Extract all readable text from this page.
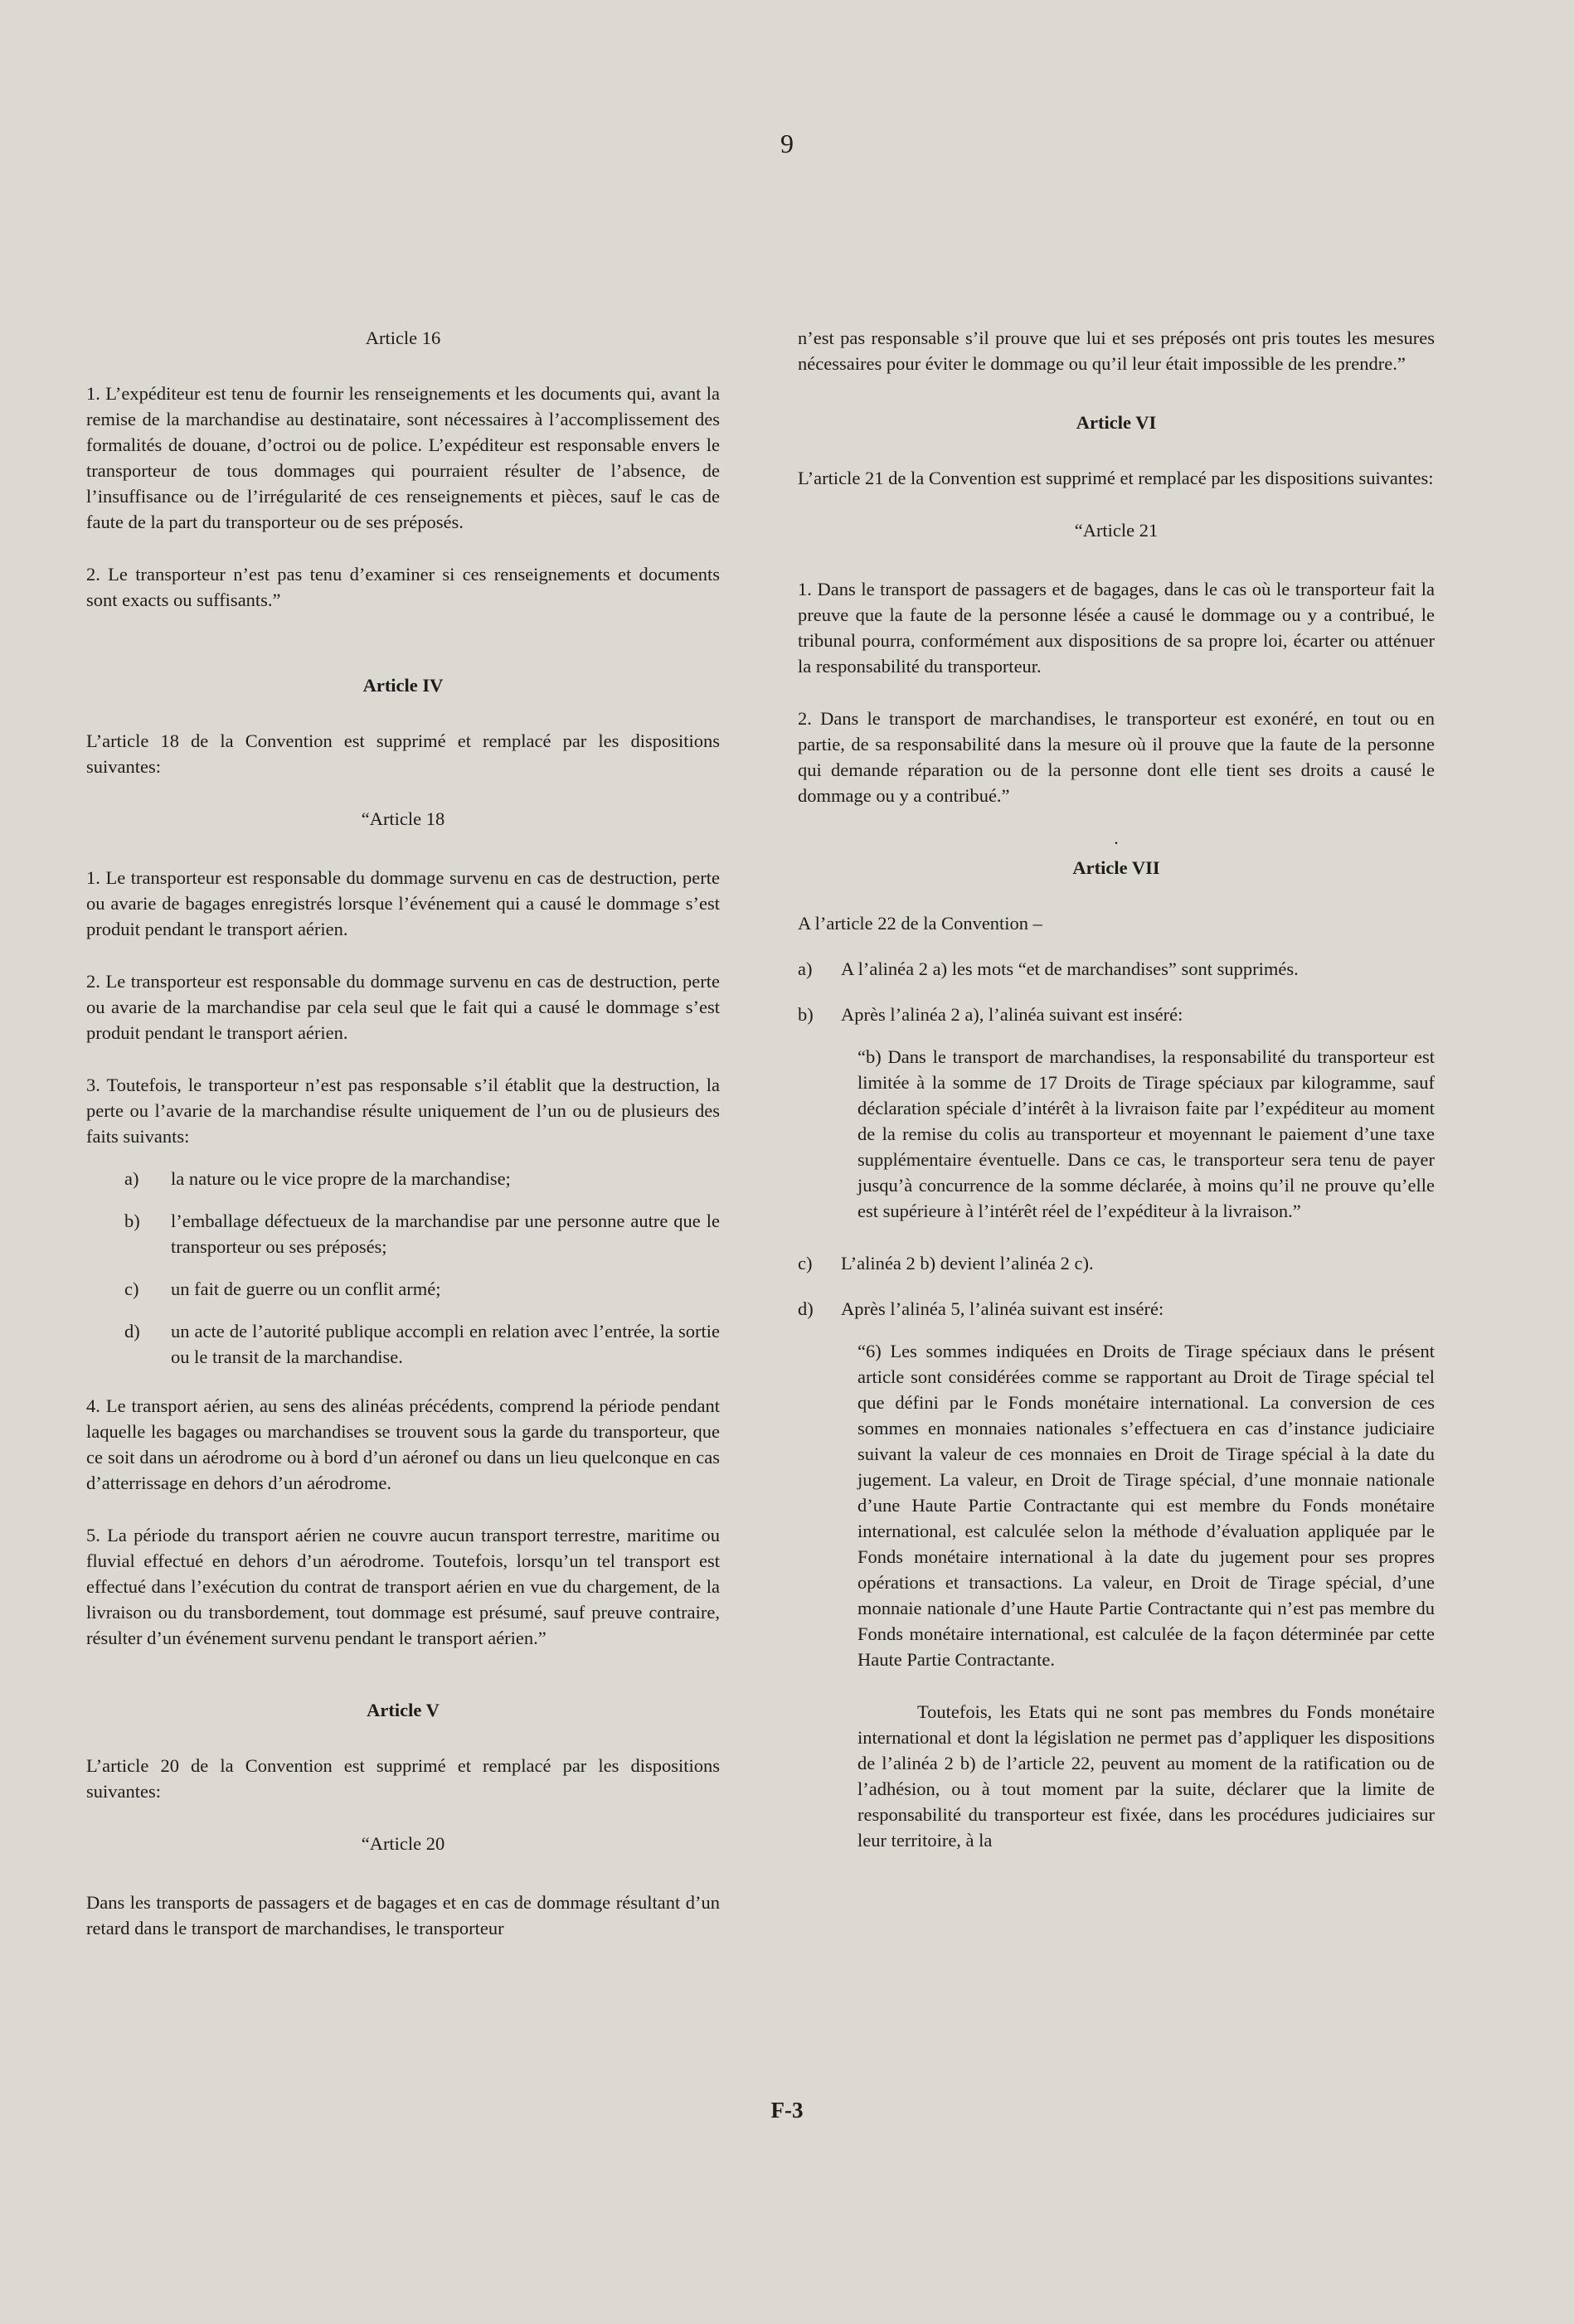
9

Article 16

1. L’expéditeur est tenu de fournir les renseignements et les documents qui, avant la remise de la marchandise au destinataire, sont nécessaires à l’accomplissement des formalités de douane, d’octroi ou de police. L’expéditeur est responsable envers le transporteur de tous dommages qui pourraient résulter de l’absence, de l’insuffisance ou de l’irrégularité de ces renseignements et pièces, sauf le cas de faute de la part du transporteur ou de ses préposés.

2. Le transporteur n’est pas tenu d’examiner si ces renseignements et documents sont exacts ou suffisants.”

Article IV

L’article 18 de la Convention est supprimé et remplacé par les dispositions suivantes:

“Article 18

1. Le transporteur est responsable du dommage survenu en cas de destruction, perte ou avarie de bagages enregistrés lorsque l’événement qui a causé le dommage s’est produit pendant le transport aérien.

2. Le transporteur est responsable du dommage survenu en cas de destruction, perte ou avarie de la marchandise par cela seul que le fait qui a causé le dommage s’est produit pendant le transport aérien.

3. Toutefois, le transporteur n’est pas responsable s’il établit que la destruction, la perte ou l’avarie de la marchandise résulte uniquement de l’un ou de plusieurs des faits suivants:

a)	la nature ou le vice propre de la marchandise;
b)	l’emballage défectueux de la marchandise par une personne autre que le transporteur ou ses préposés;
c)	un fait de guerre ou un conflit armé;
d)	un acte de l’autorité publique accompli en relation avec l’entrée, la sortie ou le transit de la marchandise.

4. Le transport aérien, au sens des alinéas précédents, comprend la période pendant laquelle les bagages ou marchandises se trouvent sous la garde du transporteur, que ce soit dans un aérodrome ou à bord d’un aéronef ou dans un lieu quelconque en cas d’atterrissage en dehors d’un aérodrome.

5. La période du transport aérien ne couvre aucun transport terrestre, maritime ou fluvial effectué en dehors d’un aérodrome. Toutefois, lorsqu’un tel transport est effectué dans l’exécution du contrat de transport aérien en vue du chargement, de la livraison ou du transbordement, tout dommage est présumé, sauf preuve contraire, résulter d’un événement survenu pendant le transport aérien.”

Article V

L’article 20 de la Convention est supprimé et remplacé par les dispositions suivantes:

“Article 20

Dans les transports de passagers et de bagages et en cas de dommage résultant d’un retard dans le transport de marchandises, le transporteur

n’est pas responsable s’il prouve que lui et ses préposés ont pris toutes les mesures nécessaires pour éviter le dommage ou qu’il leur était impossible de les prendre.”

Article VI

L’article 21 de la Convention est supprimé et remplacé par les dispositions suivantes:

“Article 21

1. Dans le transport de passagers et de bagages, dans le cas où le transporteur fait la preuve que la faute de la personne lésée a causé le dommage ou y a contribué, le tribunal pourra, conformément aux dispositions de sa propre loi, écarter ou atténuer la responsabilité du transporteur.

2. Dans le transport de marchandises, le transporteur est exonéré, en tout ou en partie, de sa responsabilité dans la mesure où il prouve que la faute de la personne qui demande réparation ou de la personne dont elle tient ses droits a causé le dommage ou y a contribué.”

·

Article VII

A l’article 22 de la Convention –

a)	A l’alinéa 2 a) les mots “et de marchandises” sont supprimés.
b)	Après l’alinéa 2 a), l’alinéa suivant est inséré:

“b) Dans le transport de marchandises, la responsabilité du transporteur est limitée à la somme de 17 Droits de Tirage spéciaux par kilogramme, sauf déclaration spéciale d’intérêt à la livraison faite par l’expéditeur au moment de la remise du colis au transporteur et moyennant le paiement d’une taxe supplémentaire éventuelle. Dans ce cas, le transporteur sera tenu de payer jusqu’à concurrence de la somme déclarée, à moins qu’il ne prouve qu’elle est supérieure à l’intérêt réel de l’expéditeur à la livraison.”

c)	L’alinéa 2 b) devient l’alinéa 2 c).
d)	Après l’alinéa 5, l’alinéa suivant est inséré:

“6) Les sommes indiquées en Droits de Tirage spéciaux dans le présent article sont considérées comme se rapportant au Droit de Tirage spécial tel que défini par le Fonds monétaire international. La conversion de ces sommes en monnaies nationales s’effectuera en cas d’instance judiciaire suivant la valeur de ces monnaies en Droit de Tirage spécial à la date du jugement. La valeur, en Droit de Tirage spécial, d’une monnaie nationale d’une Haute Partie Contractante qui est membre du Fonds monétaire international, est calculée selon la méthode d’évaluation appliquée par le Fonds monétaire international à la date du jugement pour ses propres opérations et transactions. La valeur, en Droit de Tirage spécial, d’une monnaie nationale d’une Haute Partie Contractante qui n’est pas membre du Fonds monétaire international, est calculée de la façon déterminée par cette Haute Partie Contractante.

Toutefois, les Etats qui ne sont pas membres du Fonds monétaire international et dont la législation ne permet pas d’appliquer les dispositions de l’alinéa 2 b) de l’article 22, peuvent au moment de la ratification ou de l’adhésion, ou à tout moment par la suite, déclarer que la limite de responsabilité du transporteur est fixée, dans les procédures judiciaires sur leur territoire, à la

F-3
